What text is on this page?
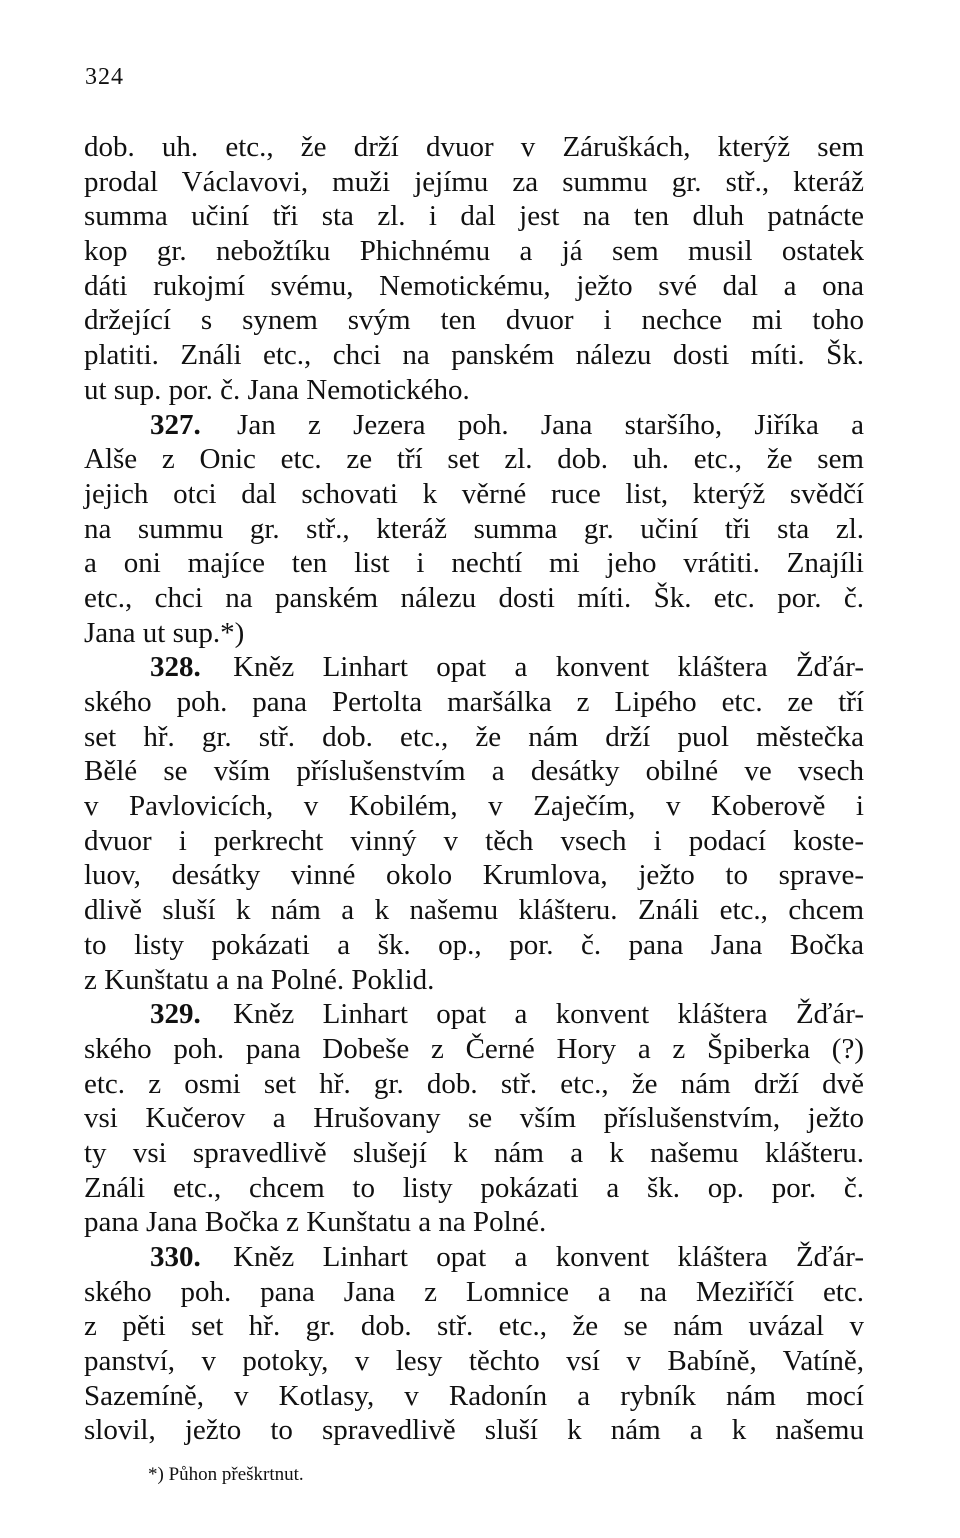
324
dob. uh. etc., že drží dvuor v Záruškách, kterýž sem
prodal Václavovi, muži jejímu za summu gr. stř., kteráž
summa učiní tři sta zl. i dal jest na ten dluh patnácte
kop gr. nebožtíku Phichnému a já sem musil ostatek
dáti rukojmí svému, Nemotickému, ježto své dal a ona
držející s synem svým ten dvuor i nechce mi toho
platiti. Ználi etc., chci na panském nálezu dosti míti. Šk.
ut sup. por. č. Jana Nemotického.
327. Jan z Jezera poh. Jana staršího, Jiříka a
Alše z Onic etc. ze tří set zl. dob. uh. etc., že sem
jejich otci dal schovati k věrné ruce list, kterýž svědčí
na summu gr. stř., kteráž summa gr. učiní tři sta zl.
a oni majíce ten list i nechtí mi jeho vrátiti. Znajíli
etc., chci na panském nálezu dosti míti. Šk. etc. por. č.
Jana ut sup.*)
328. Kněz Linhart opat a konvent kláštera Žďár-
ského poh. pana Pertolta maršálka z Lipého etc. ze tří
set hř. gr. stř. dob. etc., že nám drží puol městečka
Bělé se vším příslušenstvím a desátky obilné ve vsech
v Pavlovicích, v Kobilém, v Zaječím, v Koberově i
dvuor i perkrecht vinný v těch vsech i podací koste-
luov, desátky vinné okolo Krumlova, ježto to sprave-
dlivě sluší k nám a k našemu klášteru. Ználi etc., chcem
to listy pokázati a šk. op., por. č. pana Jana Bočka
z Kunštatu a na Polné. Poklid.
329. Kněz Linhart opat a konvent kláštera Žďár-
ského poh. pana Dobeše z Černé Hory a z Špiberka (?)
etc. z osmi set hř. gr. dob. stř. etc., že nám drží dvě
vsi Kučerov a Hrušovany se vším příslušenstvím, ježto
ty vsi spravedlivě slušejí k nám a k našemu klášteru.
Ználi etc., chcem to listy pokázati a šk. op. por. č.
pana Jana Bočka z Kunštatu a na Polné.
330. Kněz Linhart opat a konvent kláštera Žďár-
ského poh. pana Jana z Lomnice a na Meziříčí etc.
z pěti set hř. gr. dob. stř. etc., že se nám uvázal v
panství, v potoky, v lesy těchto vsí v Babíně, Vatíně,
Sazemíně, v Kotlasy, v Radonín a rybník nám mocí
slovil, ježto to spravedlivě sluší k nám a k našemu
*) Půhon přeškrtnut.
